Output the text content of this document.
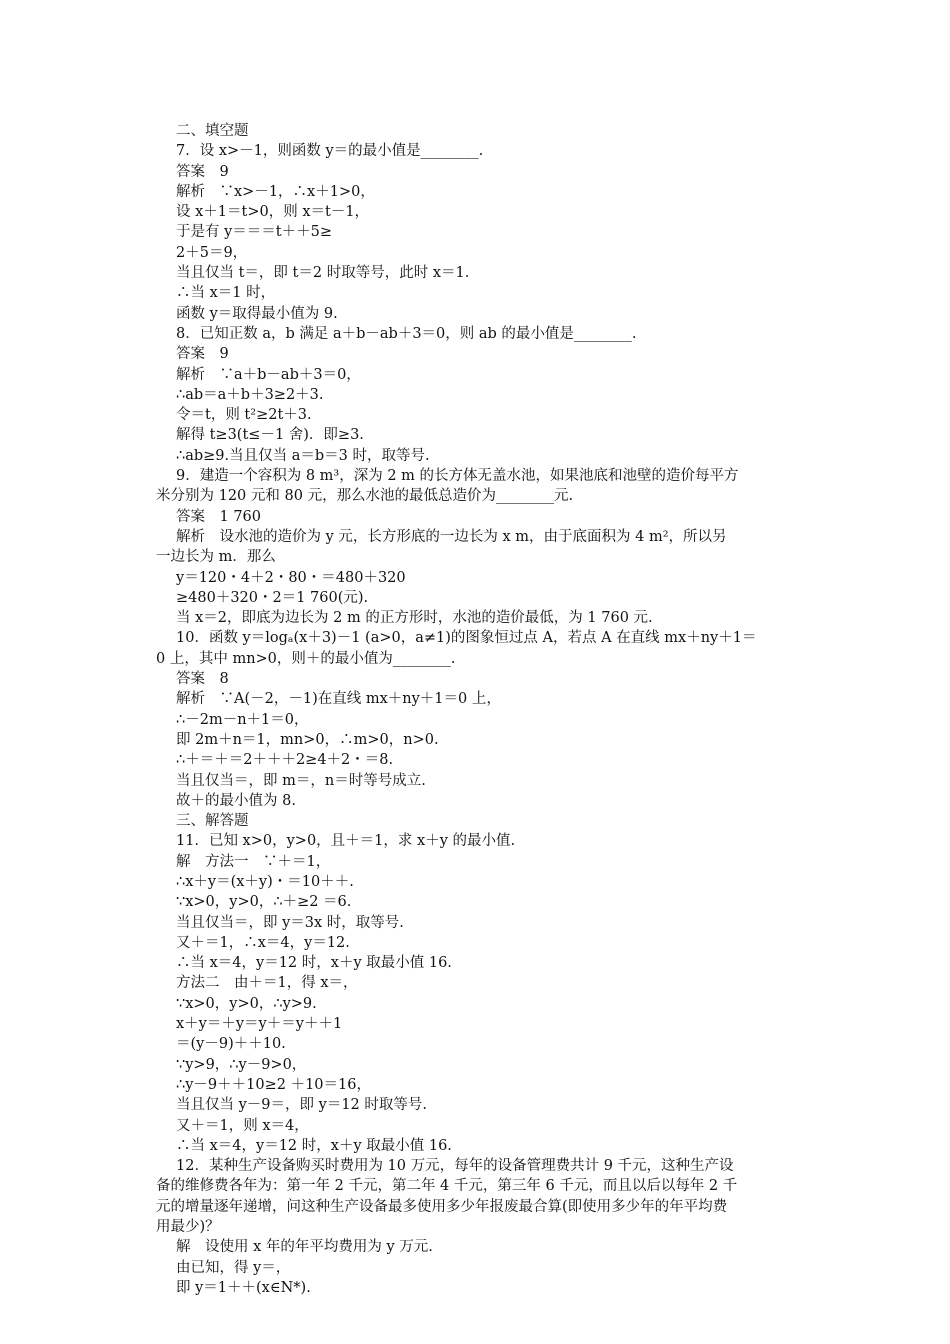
二、填空题
7．设 x>－1，则函数 y＝的最小值是________.
答案　9
解析　∵x>－1，∴x＋1>0，
设 x＋1＝t>0，则 x＝t－1，
于是有 y＝＝＝t＋＋5≥
2＋5＝9，
当且仅当 t＝，即 t＝2 时取等号，此时 x＝1.
∴当 x＝1 时，
函数 y＝取得最小值为 9.
8．已知正数 a，b 满足 a＋b－ab＋3＝0，则 ab 的最小值是________.
答案　9
解析　∵a＋b－ab＋3＝0，
∴ab＝a＋b＋3≥2＋3.
令＝t，则 t²≥2t＋3.
解得 t≥3(t≤－1 舍)．即≥3.
∴ab≥9.当且仅当 a＝b＝3 时，取等号.
9．建造一个容积为 8 m³，深为 2 m 的长方体无盖水池，如果池底和池壁的造价每平方
米分别为 120 元和 80 元，那么水池的最低总造价为________元.
答案　1 760
解析　设水池的造价为 y 元，长方形底的一边长为 x m，由于底面积为 4 m²，所以另
一边长为 m．那么
y＝120・4＋2・80・＝480＋320
≥480＋320・2＝1 760(元).
当 x＝2，即底为边长为 2 m 的正方形时，水池的造价最低，为 1 760 元.
10．函数 y＝logₐ(x＋3)－1 (a>0，a≠1)的图象恒过点 A，若点 A 在直线 mx＋ny＋1＝
0 上，其中 mn>0，则＋的最小值为________.
答案　8
解析　∵A(－2，－1)在直线 mx＋ny＋1＝0 上，
∴－2m－n＋1＝0，
即 2m＋n＝1，mn>0，∴m>0，n>0.
∴＋＝＋＝2＋＋＋2≥4＋2・＝8.
当且仅当＝，即 m＝，n＝时等号成立.
故＋的最小值为 8.
三、解答题
11．已知 x>0，y>0，且＋＝1，求 x＋y 的最小值.
解　方法一　∵＋＝1，
∴x＋y＝(x＋y)・＝10＋＋.
∵x>0，y>0，∴＋≥2 ＝6.
当且仅当＝，即 y＝3x 时，取等号.
又＋＝1，∴x＝4，y＝12.
∴当 x＝4，y＝12 时，x＋y 取最小值 16.
方法二　由＋＝1，得 x＝，
∵x>0，y>0，∴y>9.
x＋y＝＋y＝y＋＝y＋＋1
＝(y－9)＋＋10.
∵y>9，∴y－9>0，
∴y－9＋＋10≥2 ＋10＝16，
当且仅当 y－9＝，即 y＝12 时取等号.
又＋＝1，则 x＝4，
∴当 x＝4，y＝12 时，x＋y 取最小值 16.
12．某种生产设备购买时费用为 10 万元，每年的设备管理费共计 9 千元，这种生产设
备的维修费各年为：第一年 2 千元，第二年 4 千元，第三年 6 千元，而且以后以每年 2 千
元的增量逐年递增，问这种生产设备最多使用多少年报废最合算(即使用多少年的年平均费
用最少)？
解　设使用 x 年的年平均费用为 y 万元.
由已知，得 y＝，
即 y＝1＋＋(x∈N*).
